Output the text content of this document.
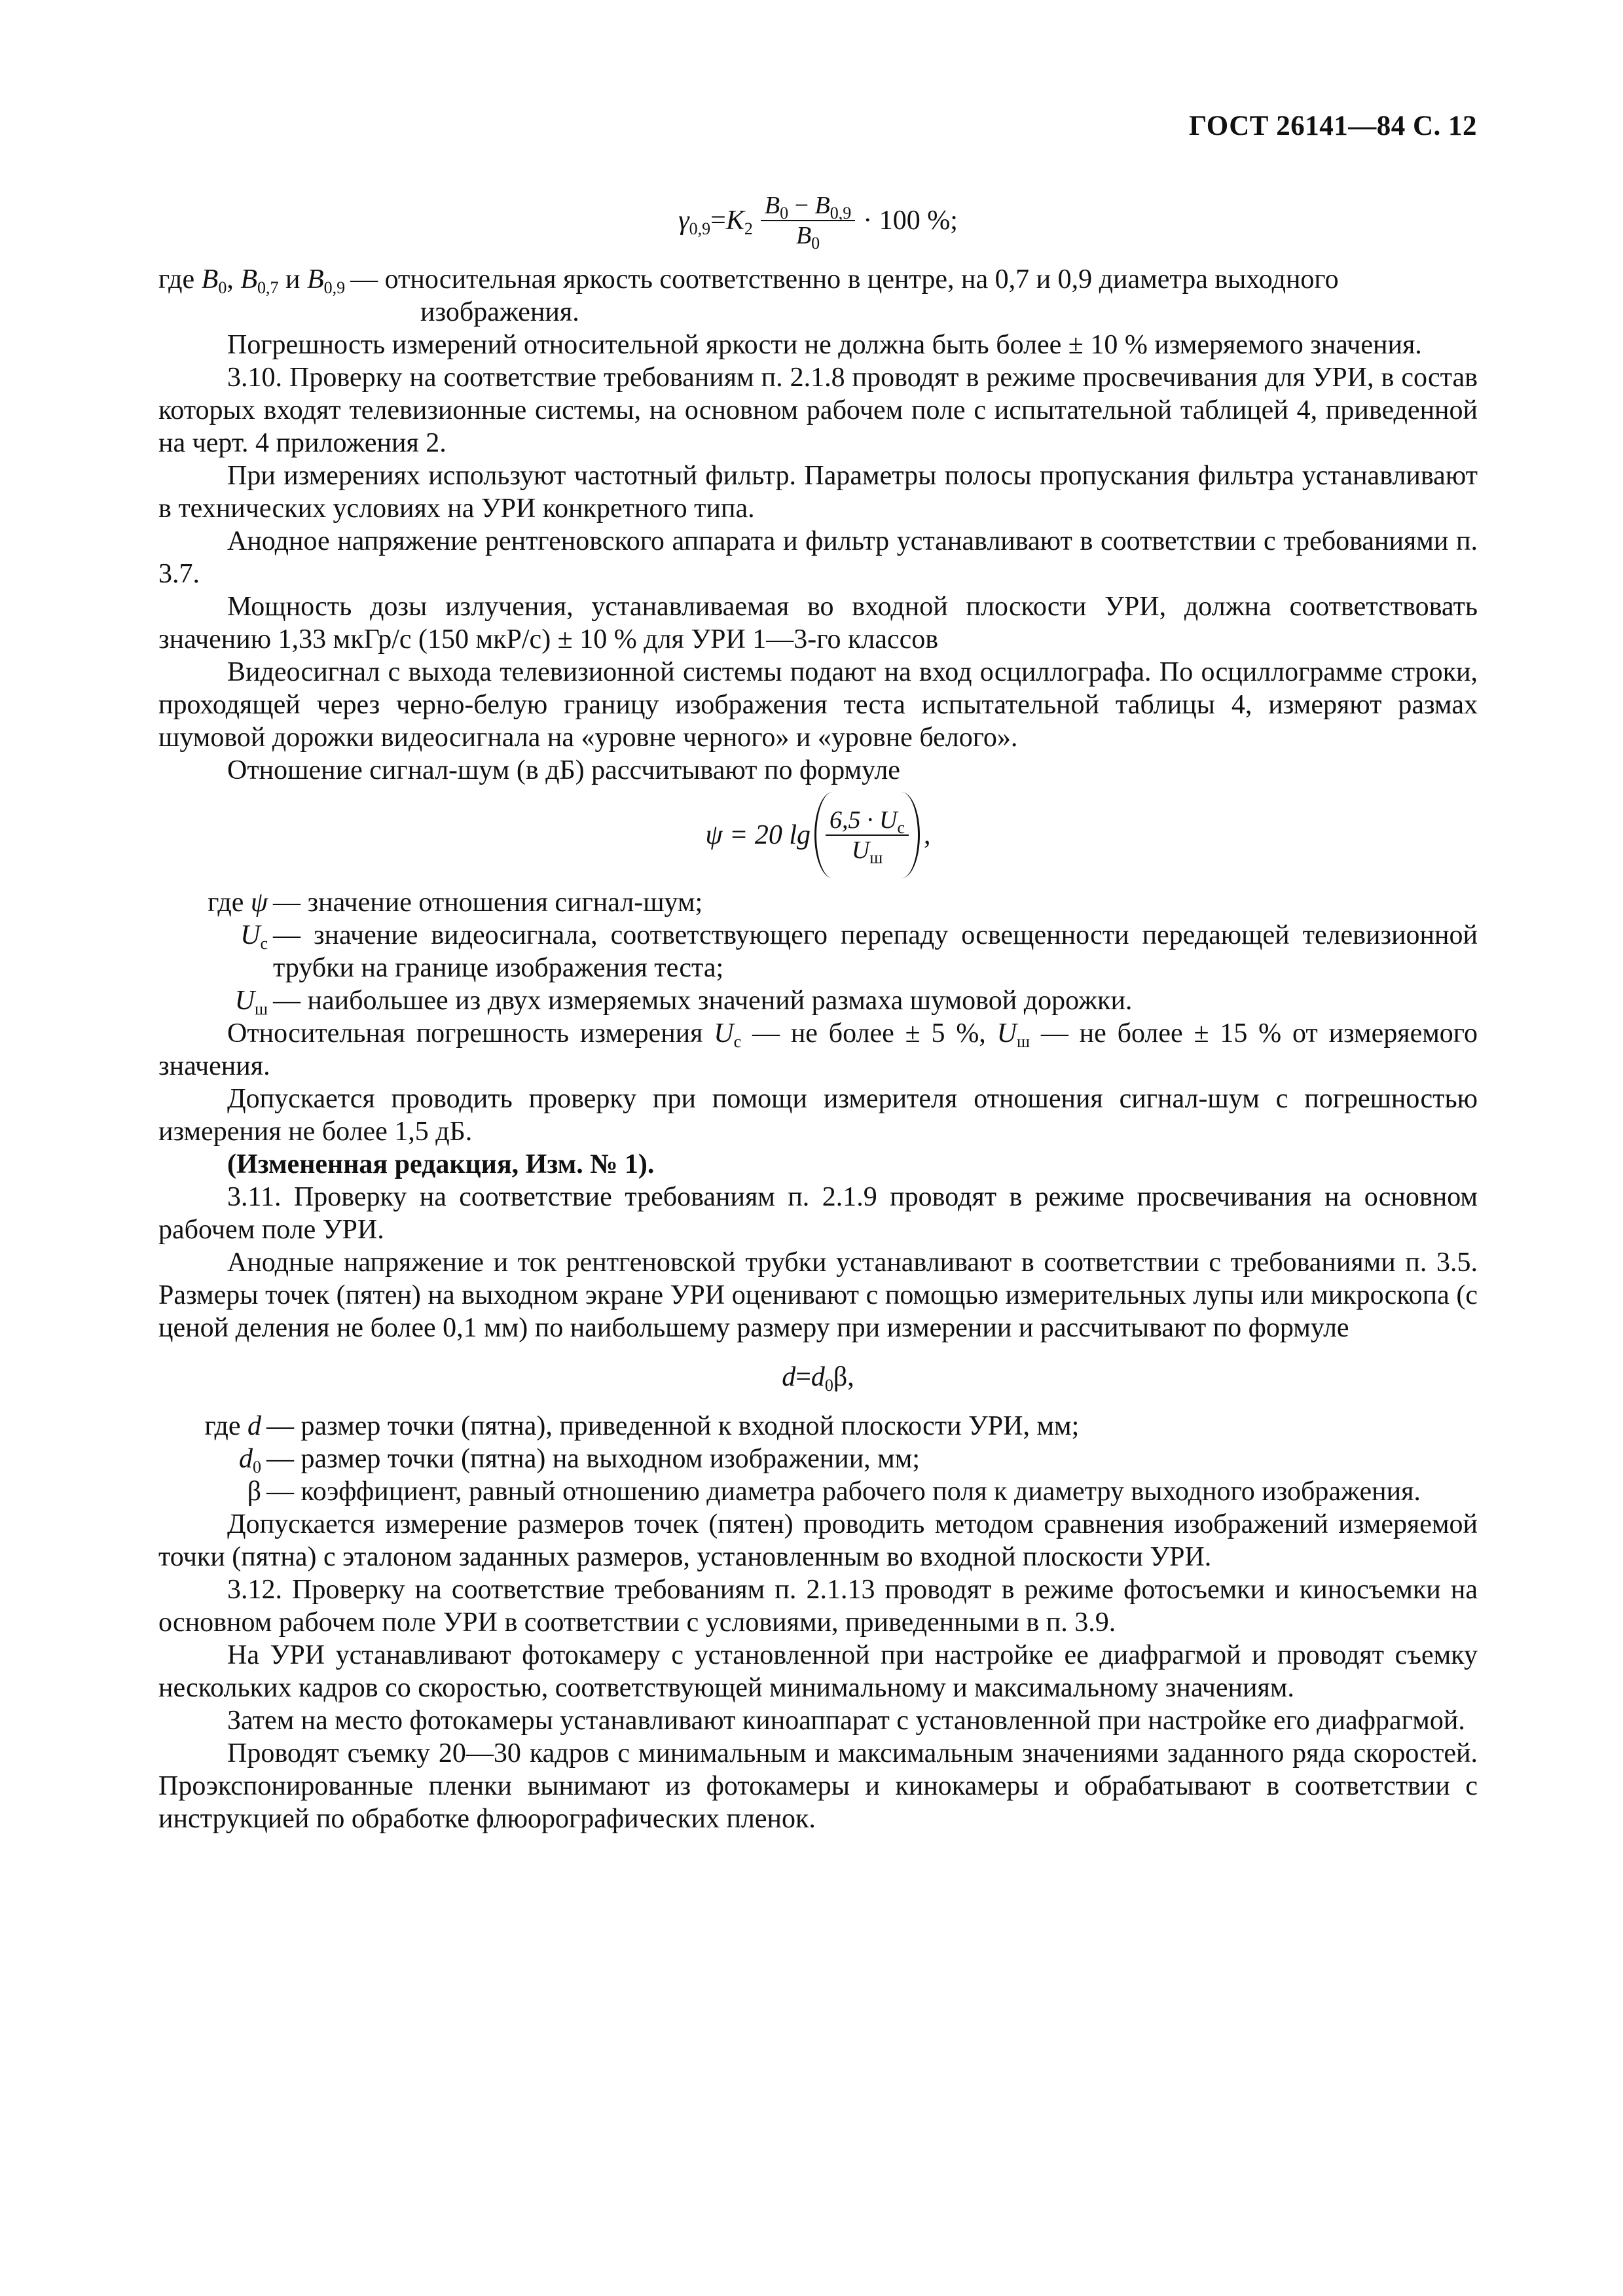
ГОСТ 26141—84 С. 12
$\gamma_{0,9} = K_2 \frac{B_0 - B_{0,9}}{B_0} \cdot 100$ %;
где $B_0$, $B_{0,7}$ и $B_{0,9}$ — относительная яркость соответственно в центре, на 0,7 и 0,9 диаметра выходного
изображения.

Погрешность измерений относительной яркости не должна быть более ± 10 % измеряемого значения.

3.10. Проверку на соответствие требованиям п. 2.1.8 проводят в режиме просвечивания для УРИ, в состав которых входят телевизионные системы, на основном рабочем поле с испытательной таблицей 4, приведенной на черт. 4 приложения 2.

При измерениях используют частотный фильтр. Параметры полосы пропускания фильтра устанавливают в технических условиях на УРИ конкретного типа.

Анодное напряжение рентгеновского аппарата и фильтр устанавливают в соответствии с требованиями п. 3.7.

Мощность дозы излучения, устанавливаемая во входной плоскости УРИ, должна соответствовать значению 1,33 мкГр/с (150 мкР/с) ± 10 % для УРИ 1—3-го классов

Видеосигнал с выхода телевизионной системы подают на вход осциллографа. По осциллограмме строки, проходящей через черно-белую границу изображения теста испытательной таблицы 4, измеряют размах шумовой дорожки видеосигнала на «уровне черного» и «уровне белого».

Отношение сигнал-шум (в дБ) рассчитывают по формуле

ψ = 20 $\lg \frac{6,5 \cdot U_с}{U_ш}$ ,
где ψ — значение отношения сигнал-шум;
$U_с$ — значение видеосигнала, соответствующего перепаду освещенности передающей телевизионной трубки на границе изображения теста;
$U_ш$ — наибольшее из двух измеряемых значений размаха шумовой дорожки.

Относительная погрешность измерения $U_с$ — не более ± 5 %, $U_ш$ — не более ± 15 % от измеряемого значения.

Допускается проводить проверку при помощи измерителя отношения сигнал-шум с погрешностью измерения не более 1,5 дБ.

(Измененная редакция, Изм. № 1).

3.11. Проверку на соответствие требованиям п. 2.1.9 проводят в режиме просвечивания на основном рабочем поле УРИ.

Анодные напряжение и ток рентгеновской трубки устанавливают в соответствии с требованиями п. 3.5. Размеры точек (пятен) на выходном экране УРИ оценивают с помощью измерительных лупы или микроскопа (с ценой деления не более 0,1 мм) по наибольшему размеру при измерении и рассчитывают по формуле

$d = d_0\beta$,
где d — размер точки (пятна), приведенной к входной плоскости УРИ, мм;
$d_0$ — размер точки (пятна) на выходном изображении, мм;
β — коэффициент, равный отношению диаметра рабочего поля к диаметру выходного изображения.

Допускается измерение размеров точек (пятен) проводить методом сравнения изображений измеряемой точки (пятна) с эталоном заданных размеров, установленным во входной плоскости УРИ.

3.12. Проверку на соответствие требованиям п. 2.1.13 проводят в режиме фотосъемки и киносъемки на основном рабочем поле УРИ в соответствии с условиями, приведенными в п. 3.9.

На УРИ устанавливают фотокамеру с установленной при настройке ее диафрагмой и проводят съемку нескольких кадров со скоростью, соответствующей минимальному и максимальному значениям.

Затем на место фотокамеры устанавливают киноаппарат с установленной при настройке его диафрагмой.

Проводят съемку 20—30 кадров с минимальным и максимальным значениями заданного ряда скоростей. Проэкспонированные пленки вынимают из фотокамеры и кинокамеры и обрабатывают в соответствии с инструкцией по обработке флюорографических пленок.
